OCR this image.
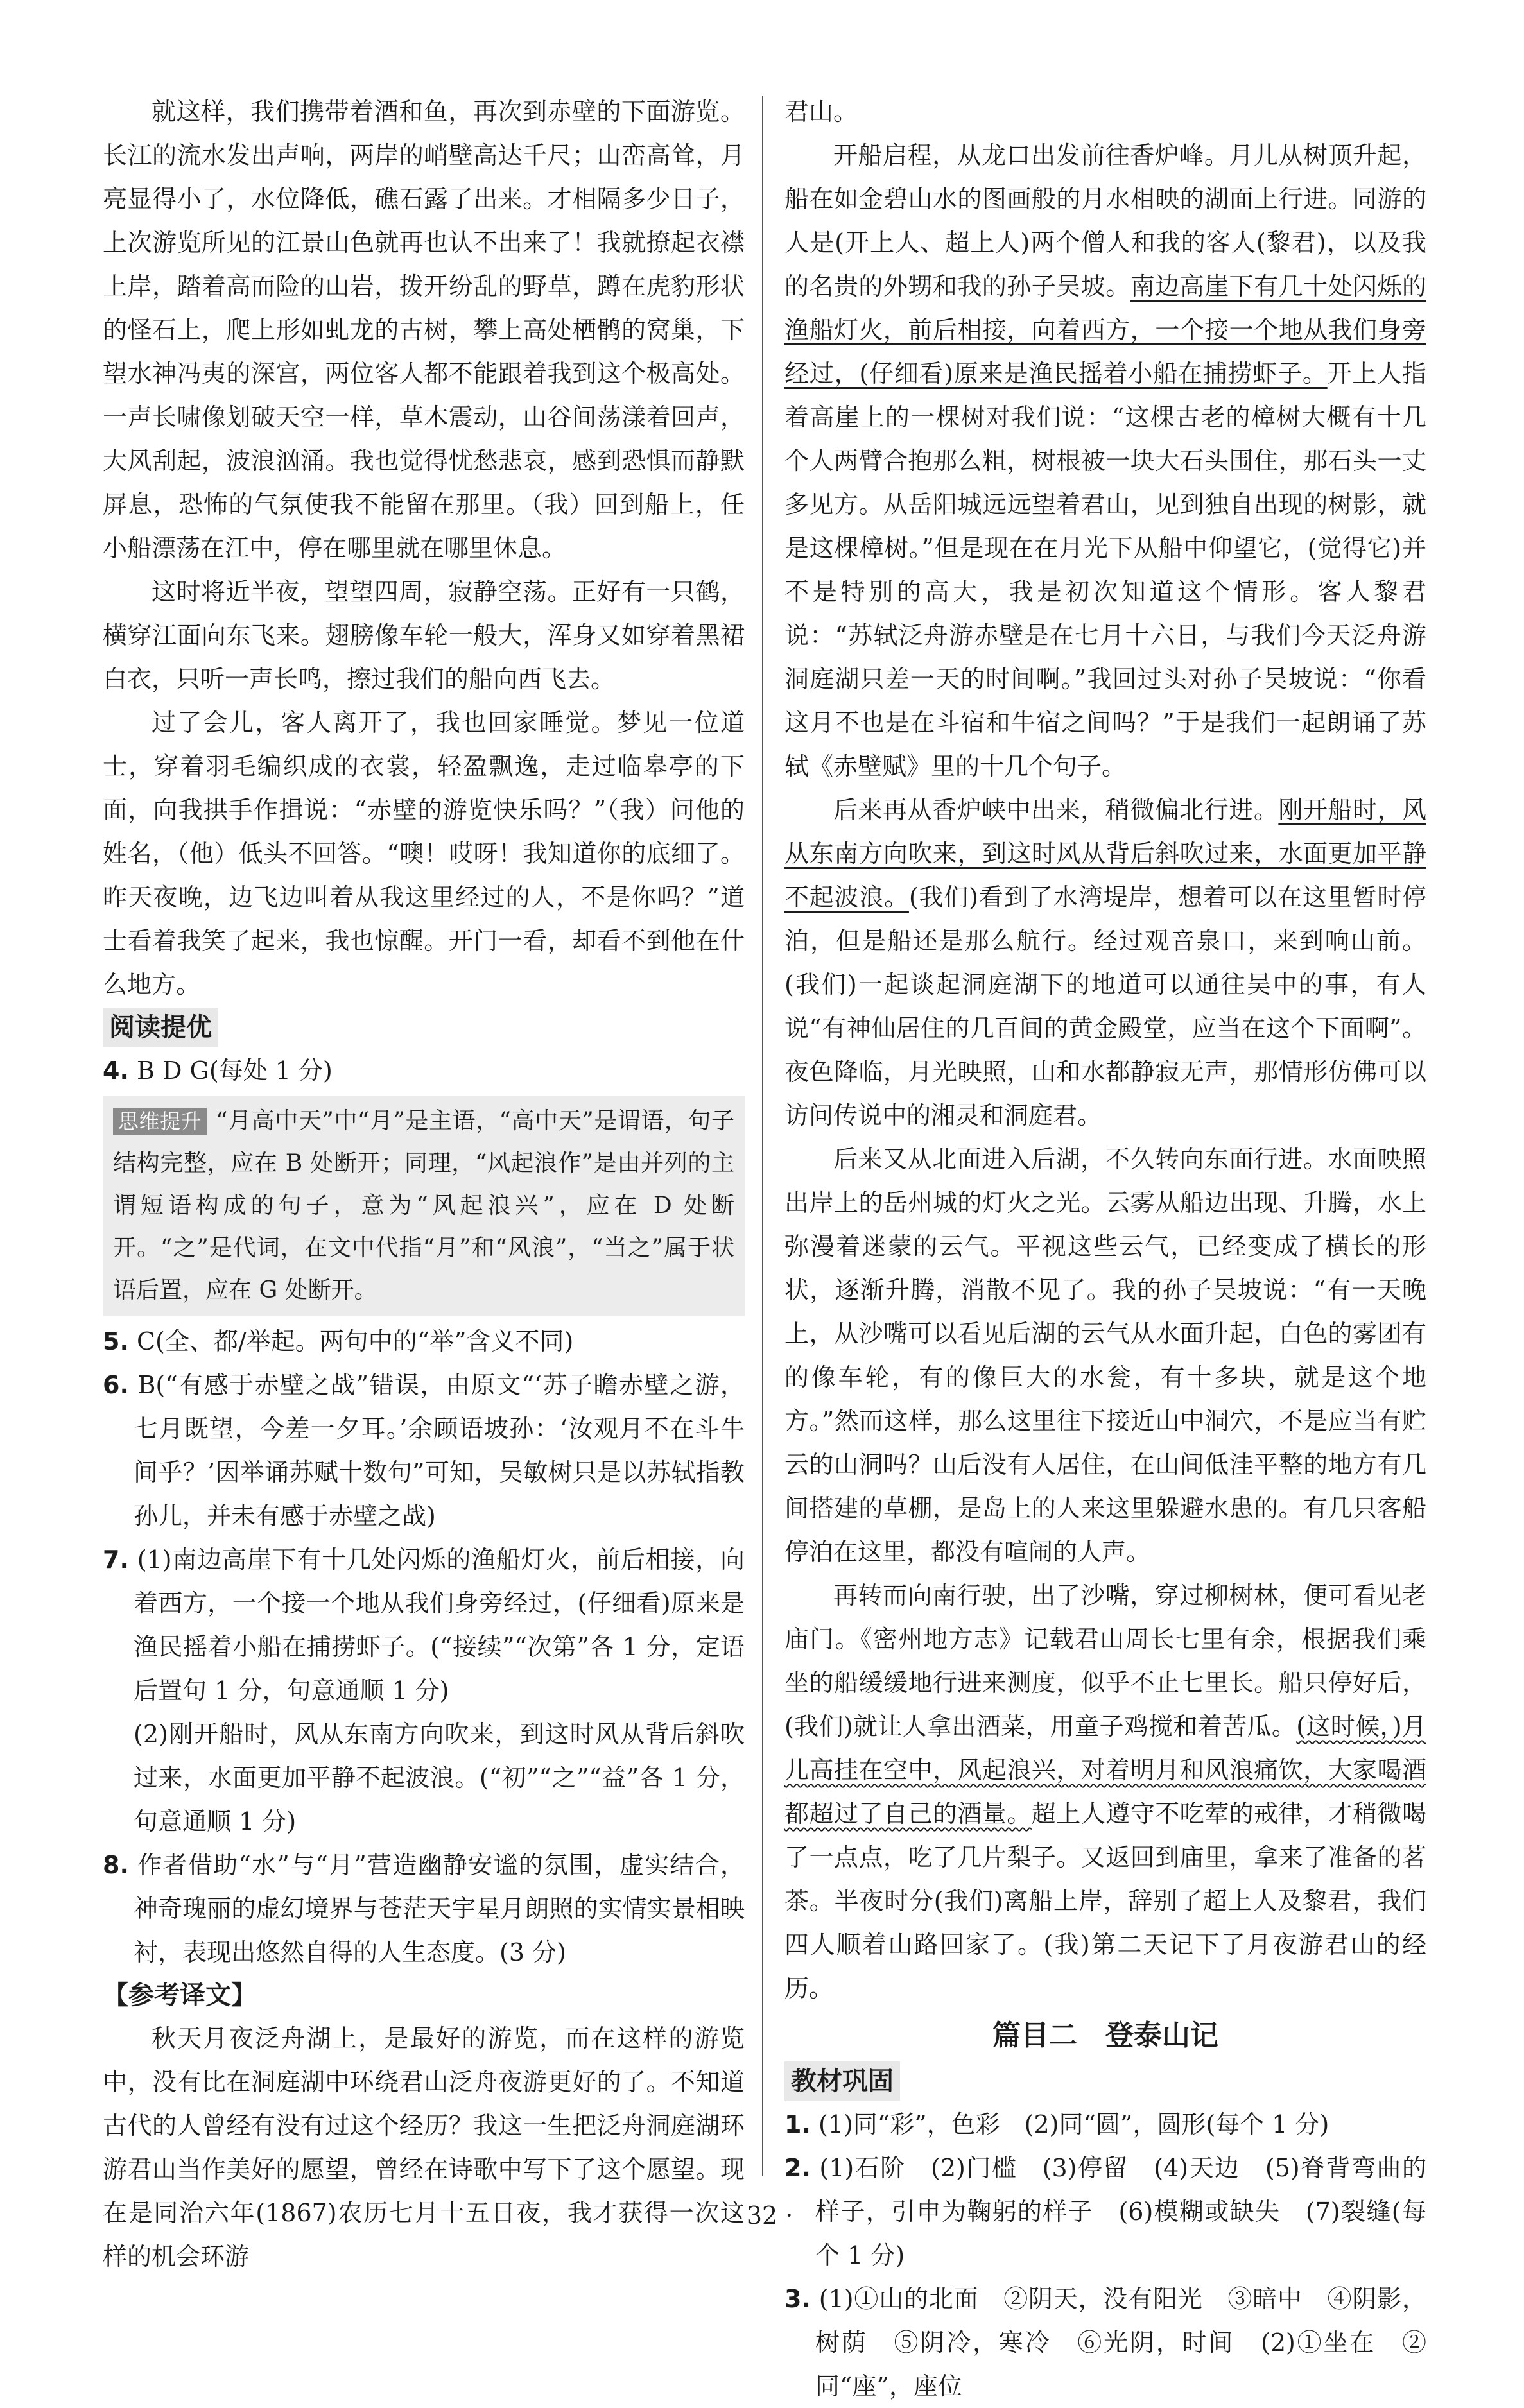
就这样，我们携带着酒和鱼，再次到赤壁的下面游览。长江的流水发出声响，两岸的峭壁高达千尺；山峦高耸，月亮显得小了，水位降低，礁石露了出来。才相隔多少日子，上次游览所见的江景山色就再也认不出来了！我就撩起衣襟上岸，踏着高而险的山岩，拨开纷乱的野草，蹲在虎豹形状的怪石上，爬上形如虬龙的古树，攀上高处栖鹘的窝巢，下望水神冯夷的深宫，两位客人都不能跟着我到这个极高处。一声长啸像划破天空一样，草木震动，山谷间荡漾着回声，大风刮起，波浪汹涌。我也觉得忧愁悲哀，感到恐惧而静默屏息，恐怖的气氛使我不能留在那里。（我）回到船上，任小船漂荡在江中，停在哪里就在哪里休息。

这时将近半夜，望望四周，寂静空荡。正好有一只鹤，横穿江面向东飞来。翅膀像车轮一般大，浑身又如穿着黑裙白衣，只听一声长鸣，擦过我们的船向西飞去。

过了会儿，客人离开了，我也回家睡觉。梦见一位道士，穿着羽毛编织成的衣裳，轻盈飘逸，走过临皋亭的下面，向我拱手作揖说：“赤壁的游览快乐吗？”（我）问他的姓名，（他）低头不回答。“噢！哎呀！我知道你的底细了。昨天夜晚，边飞边叫着从我这里经过的人，不是你吗？”道士看着我笑了起来，我也惊醒。开门一看，却看不到他在什么地方。

阅读提优

4. B D G(每处 1 分)

思维提升 “月高中天”中“月”是主语，“高中天”是谓语，句子结构完整，应在 B 处断开；同理，“风起浪作”是由并列的主谓短语构成的句子，意为“风起浪兴”，应在 D 处断开。“之”是代词，在文中代指“月”和“风浪”，“当之”属于状语后置，应在 G 处断开。

5. C(全、都/举起。两句中的“举”含义不同)

6. B(“有感于赤壁之战”错误，由原文“‘苏子瞻赤壁之游，七月既望，今差一夕耳。’余顾语坡孙：‘汝观月不在斗牛间乎？’因举诵苏赋十数句”可知，吴敏树只是以苏轼指教孙儿，并未有感于赤壁之战)

7. (1)南边高崖下有十几处闪烁的渔船灯火，前后相接，向着西方，一个接一个地从我们身旁经过，(仔细看)原来是渔民摇着小船在捕捞虾子。(“接续”“次第”各 1 分，定语后置句 1 分，句意通顺 1 分)

(2)刚开船时，风从东南方向吹来，到这时风从背后斜吹过来，水面更加平静不起波浪。(“初”“之”“益”各 1 分，句意通顺 1 分)

8. 作者借助“水”与“月”营造幽静安谧的氛围，虚实结合，神奇瑰丽的虚幻境界与苍茫天宇星月朗照的实情实景相映衬，表现出悠然自得的人生态度。(3 分)

【参考译文】

秋天月夜泛舟湖上，是最好的游览，而在这样的游览中，没有比在洞庭湖中环绕君山泛舟夜游更好的了。不知道古代的人曾经有没有过这个经历？我这一生把泛舟洞庭湖环游君山当作美好的愿望，曾经在诗歌中写下了这个愿望。现在是同治六年(1867)农历七月十五日夜，我才获得一次这样的机会环游

君山。

开船启程，从龙口出发前往香炉峰。月儿从树顶升起，船在如金碧山水的图画般的月水相映的湖面上行进。同游的人是(开上人、超上人)两个僧人和我的客人(黎君)，以及我的名贵的外甥和我的孙子吴坡。南边高崖下有几十处闪烁的渔船灯火，前后相接，向着西方，一个接一个地从我们身旁经过，(仔细看)原来是渔民摇着小船在捕捞虾子。开上人指着高崖上的一棵树对我们说：“这棵古老的樟树大概有十几个人两臂合抱那么粗，树根被一块大石头围住，那石头一丈多见方。从岳阳城远远望着君山，见到独自出现的树影，就是这棵樟树。”但是现在在月光下从船中仰望它，(觉得它)并不是特别的高大，我是初次知道这个情形。客人黎君说：“苏轼泛舟游赤壁是在七月十六日，与我们今天泛舟游洞庭湖只差一天的时间啊。”我回过头对孙子吴坡说：“你看这月不也是在斗宿和牛宿之间吗？”于是我们一起朗诵了苏轼《赤壁赋》里的十几个句子。

后来再从香炉峡中出来，稍微偏北行进。刚开船时，风从东南方向吹来，到这时风从背后斜吹过来，水面更加平静不起波浪。(我们)看到了水湾堤岸，想着可以在这里暂时停泊，但是船还是那么航行。经过观音泉口，来到响山前。(我们)一起谈起洞庭湖下的地道可以通往吴中的事，有人说“有神仙居住的几百间的黄金殿堂，应当在这个下面啊”。夜色降临，月光映照，山和水都静寂无声，那情形仿佛可以访问传说中的湘灵和洞庭君。

后来又从北面进入后湖，不久转向东面行进。水面映照出岸上的岳州城的灯火之光。云雾从船边出现、升腾，水上弥漫着迷蒙的云气。平视这些云气，已经变成了横长的形状，逐渐升腾，消散不见了。我的孙子吴坡说：“有一天晚上，从沙嘴可以看见后湖的云气从水面升起，白色的雾团有的像车轮，有的像巨大的水瓮，有十多块，就是这个地方。”然而这样，那么这里往下接近山中洞穴，不是应当有贮云的山洞吗？山后没有人居住，在山间低洼平整的地方有几间搭建的草棚，是岛上的人来这里躲避水患的。有几只客船停泊在这里，都没有喧闹的人声。

再转而向南行驶，出了沙嘴，穿过柳树林，便可看见老庙门。《密州地方志》记载君山周长七里有余，根据我们乘坐的船缓缓地行进来测度，似乎不止七里长。船只停好后，(我们)就让人拿出酒菜，用童子鸡搅和着苦瓜。(这时候，)月儿高挂在空中，风起浪兴，对着明月和风浪痛饮，大家喝酒都超过了自己的酒量。超上人遵守不吃荤的戒律，才稍微喝了一点点，吃了几片梨子。又返回到庙里，拿来了准备的茗茶。半夜时分(我们)离船上岸，辞别了超上人及黎君，我们四人顺着山路回家了。(我)第二天记下了月夜游君山的经历。

篇目二　登泰山记
教材巩固

1. (1)同“彩”，色彩　(2)同“圆”，圆形(每个 1 分)

2. (1)石阶　(2)门槛　(3)停留　(4)天边　(5)脊背弯曲的样子，引申为鞠躬的样子　(6)模糊或缺失　(7)裂缝(每个 1 分)

3. (1)①山的北面　②阴天，没有阳光　③暗中　④阴影，树荫　⑤阴冷，寒冷　⑥光阴，时间　(2)①坐在　②同“座”，座位

· 32 ·
